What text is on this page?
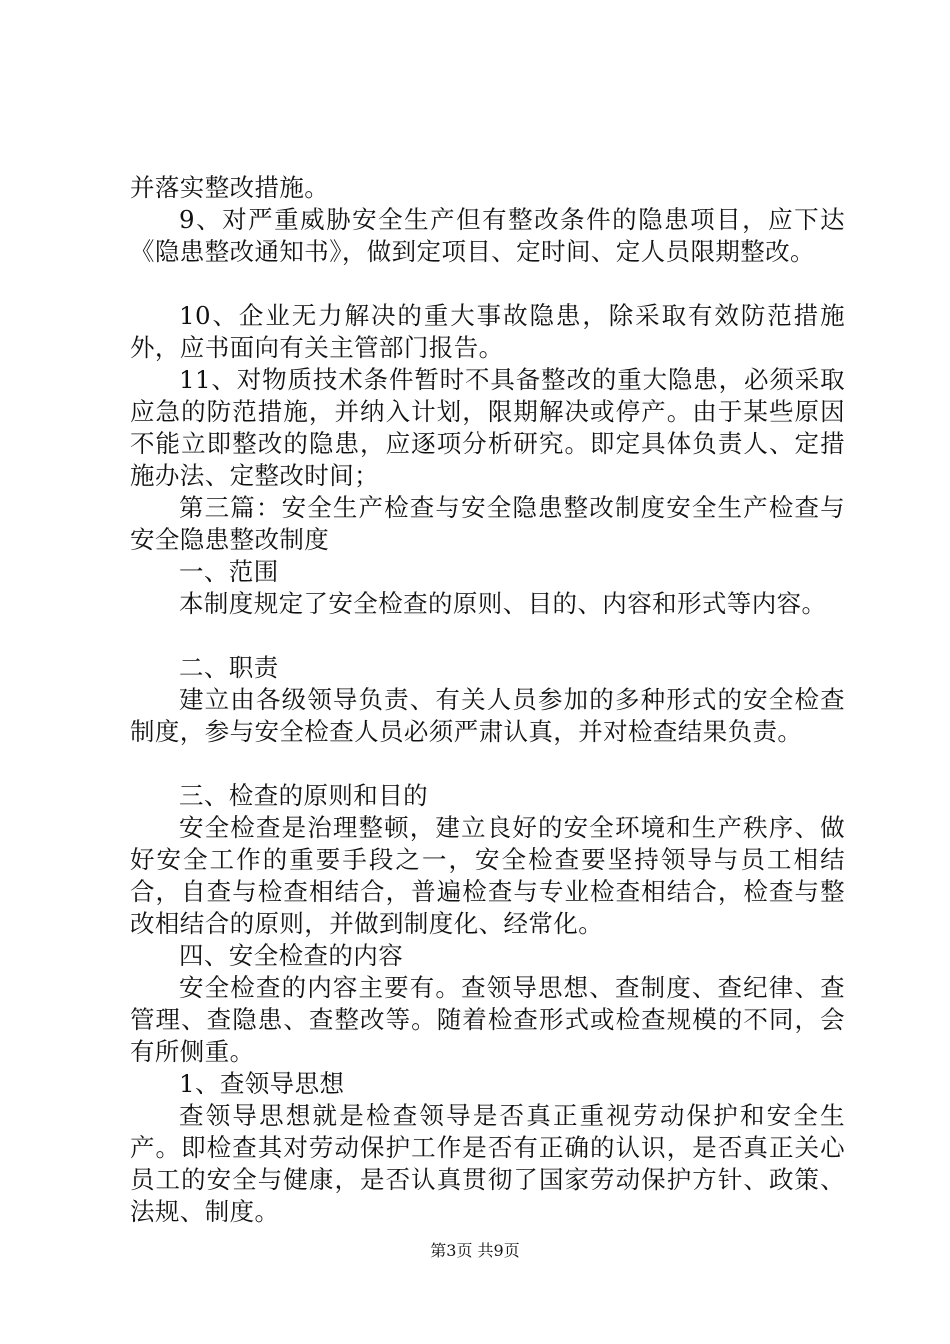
并落实整改措施。

9、对严重威胁安全生产但有整改条件的隐患项目，应下达《隐患整改通知书》，做到定项目、定时间、定人员限期整改。

10、企业无力解决的重大事故隐患，除采取有效防范措施外，应书面向有关主管部门报告。

11、对物质技术条件暂时不具备整改的重大隐患，必须采取应急的防范措施，并纳入计划，限期解决或停产。由于某些原因不能立即整改的隐患，应逐项分析研究。即定具体负责人、定措施办法、定整改时间；

第三篇：安全生产检查与安全隐患整改制度安全生产检查与安全隐患整改制度

一、范围

本制度规定了安全检查的原则、目的、内容和形式等内容。

二、职责

建立由各级领导负责、有关人员参加的多种形式的安全检查制度，参与安全检查人员必须严肃认真，并对检查结果负责。

三、检查的原则和目的

安全检查是治理整顿，建立良好的安全环境和生产秩序、做好安全工作的重要手段之一，安全检查要坚持领导与员工相结合，自查与检查相结合，普遍检查与专业检查相结合，检查与整改相结合的原则，并做到制度化、经常化。

四、安全检查的内容

安全检查的内容主要有。查领导思想、查制度、查纪律、查管理、查隐患、查整改等。随着检查形式或检查规模的不同，会有所侧重。

1、查领导思想

查领导思想就是检查领导是否真正重视劳动保护和安全生产。即检查其对劳动保护工作是否有正确的认识，是否真正关心员工的安全与健康，是否认真贯彻了国家劳动保护方针、政策、法规、制度。

第3页 共9页
